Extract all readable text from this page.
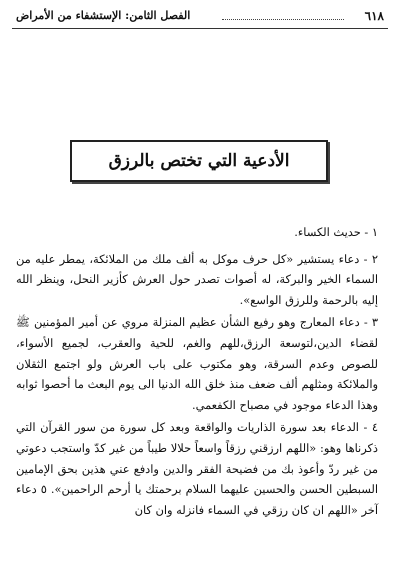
٦١٨
الفصل الثامن: الإستشفاء من الأمراض
الأدعية التي تختص بالرزق

١ - حديث الكساء.

٢ - دعاء يستشير «كل حرف موكل به ألف ملك من الملائكة، يمطر عليه من السماء الخير والبركة، له أصوات تصدر حول العرش كأزير النحل، وينظر الله إليه بالرحمة وللرزق الواسع».

٣ - دعاء المعارج وهو رفيع الشأن عظيم المنزلة مروي عن أمير المؤمنين ﷺ لقضاء الدين،لتوسعة الرزق،للهم والغم، للحية والعقرب، لجميع الأسواء، للصوص وعدم السرقة، وهو مكتوب على باب العرش ولو اجتمع الثقلان والملائكة ومثلهم ألف ضعف منذ خلق الله الدنيا الى يوم البعث ما أحصوا ثوابه وهذا الدعاء موجود في مصباح الكفعمي.

٤ - الدعاء بعد سورة الذاريات والواقعة وبعد كل سورة من سور القرآن التي ذكرناها وهو: «اللهم ارزقني رزقاً واسعاً حلالا طيباً من غير كدّ واستجب دعوتي من غير ردّ وأعوذ بك من فضيحة الفقر والدين وادفع عني هذين بحق الإمامين السبطين الحسن والحسين عليهما السلام برحمتك يا أرحم الراحمين». ٥ دعاء آخر «اللهم ان كان رزقي في السماء فانزله وان كان
